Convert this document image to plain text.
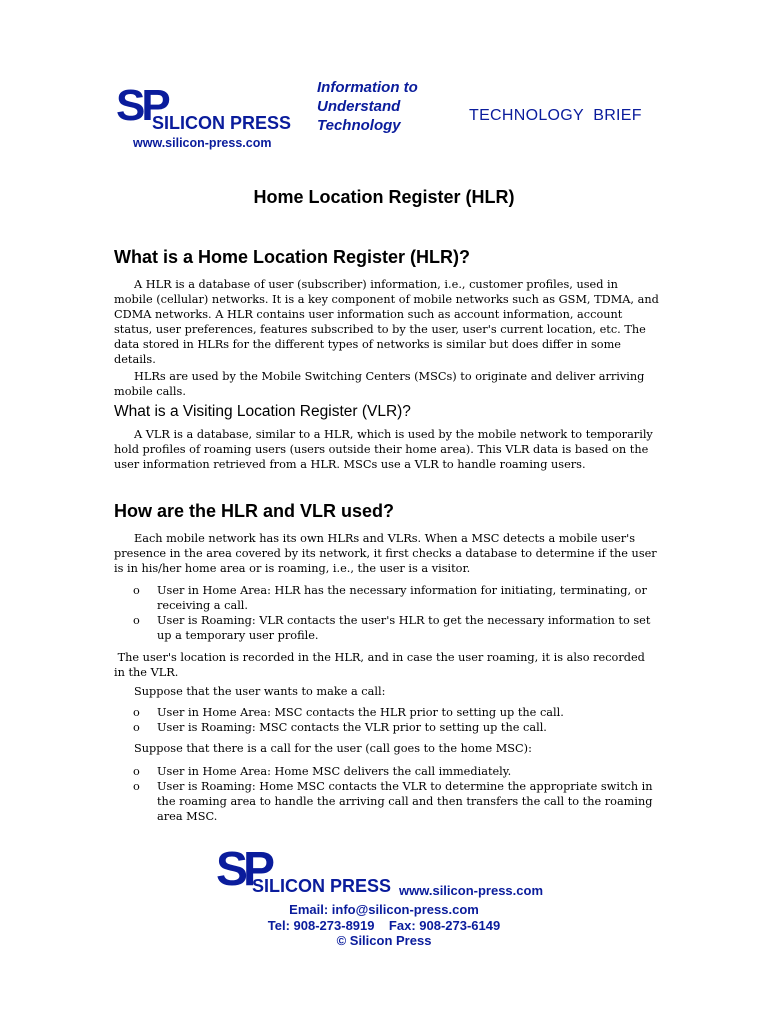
SP
SILICON PRESS
Information to
Understand
Technology
TECHNOLOGY  BRIEF
www.silicon-press.com
Home Location Register (HLR)
What is a Home Location Register (HLR)?

A HLR is a database of user (subscriber) information, i.e., customer profiles, used in mobile (cellular) networks. It is a key component of mobile networks such as GSM, TDMA, and CDMA networks. A HLR contains user information such as account information, account status, user preferences, features subscribed to by the user, user's current location, etc. The data stored in HLRs for the different types of networks is similar but does differ in some details.

HLRs are used by the Mobile Switching Centers (MSCs) to originate and deliver arriving mobile calls.

What is a Visiting Location Register (VLR)?

A VLR is a database, similar to a HLR, which is used by the mobile network to temporarily hold profiles of roaming users (users outside their home area). This VLR data is based on the user information retrieved from a HLR. MSCs use a VLR to handle roaming users.

How are the HLR and VLR used?

Each mobile network has its own HLRs and VLRs. When a MSC detects a mobile user's presence in the area covered by its network, it first checks a database to determine if the user is in his/her home area or is roaming, i.e., the user is a visitor.

o User in Home Area: HLR has the necessary information for initiating, terminating, or receiving a call.
o User is Roaming: VLR contacts the user's HLR to get the necessary information to set up a temporary user profile.

The user's location is recorded in the HLR, and in case the user roaming, it is also recorded in the VLR.

Suppose that the user wants to make a call:

o User in Home Area: MSC contacts the HLR prior to setting up the call.
o User is Roaming: MSC contacts the VLR prior to setting up the call.

Suppose that there is a call for the user (call goes to the home MSC):

o User in Home Area: Home MSC delivers the call immediately.
o User is Roaming: Home MSC contacts the VLR to determine the appropriate switch in the roaming area to handle the arriving call and then transfers the call to the roaming area MSC.
SP
SILICON PRESS www.silicon-press.com
Email: info@silicon-press.com
Tel: 908-273-8919    Fax: 908-273-6149
© Silicon Press
